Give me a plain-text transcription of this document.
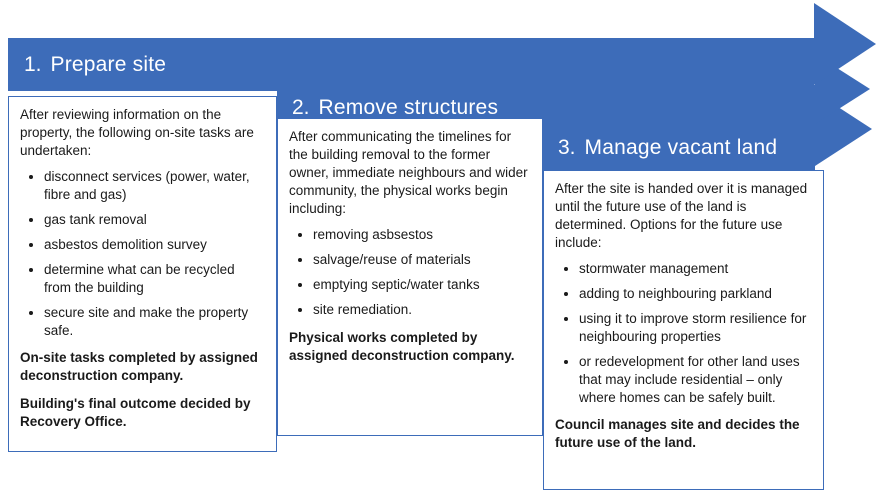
3. Manage vacant land
2. Remove structures
1. Prepare site

After reviewing information on the property, the following on-site tasks are undertaken:

• disconnect services (power, water, fibre and gas)
• gas tank removal
• asbestos demolition survey
• determine what can be recycled from the building
• secure site and make the property safe.

On-site tasks completed by assigned deconstruction company.

Building's final outcome decided by Recovery Office.

After communicating the timelines for the building removal to the former owner, immediate neighbours and wider community, the physical works begin including:

• removing asbsestos
• salvage/reuse of materials
• emptying septic/water tanks
• site remediation.

Physical works completed by assigned deconstruction company.

After the site is handed over it is managed until the future use of the land is determined. Options for the future use include:

• stormwater management
• adding to neighbouring parkland
• using it to improve storm resilience for neighbouring properties
• or redevelopment for other land uses that may include residential – only where homes can be safely built.

Council manages site and decides the future use of the land.
